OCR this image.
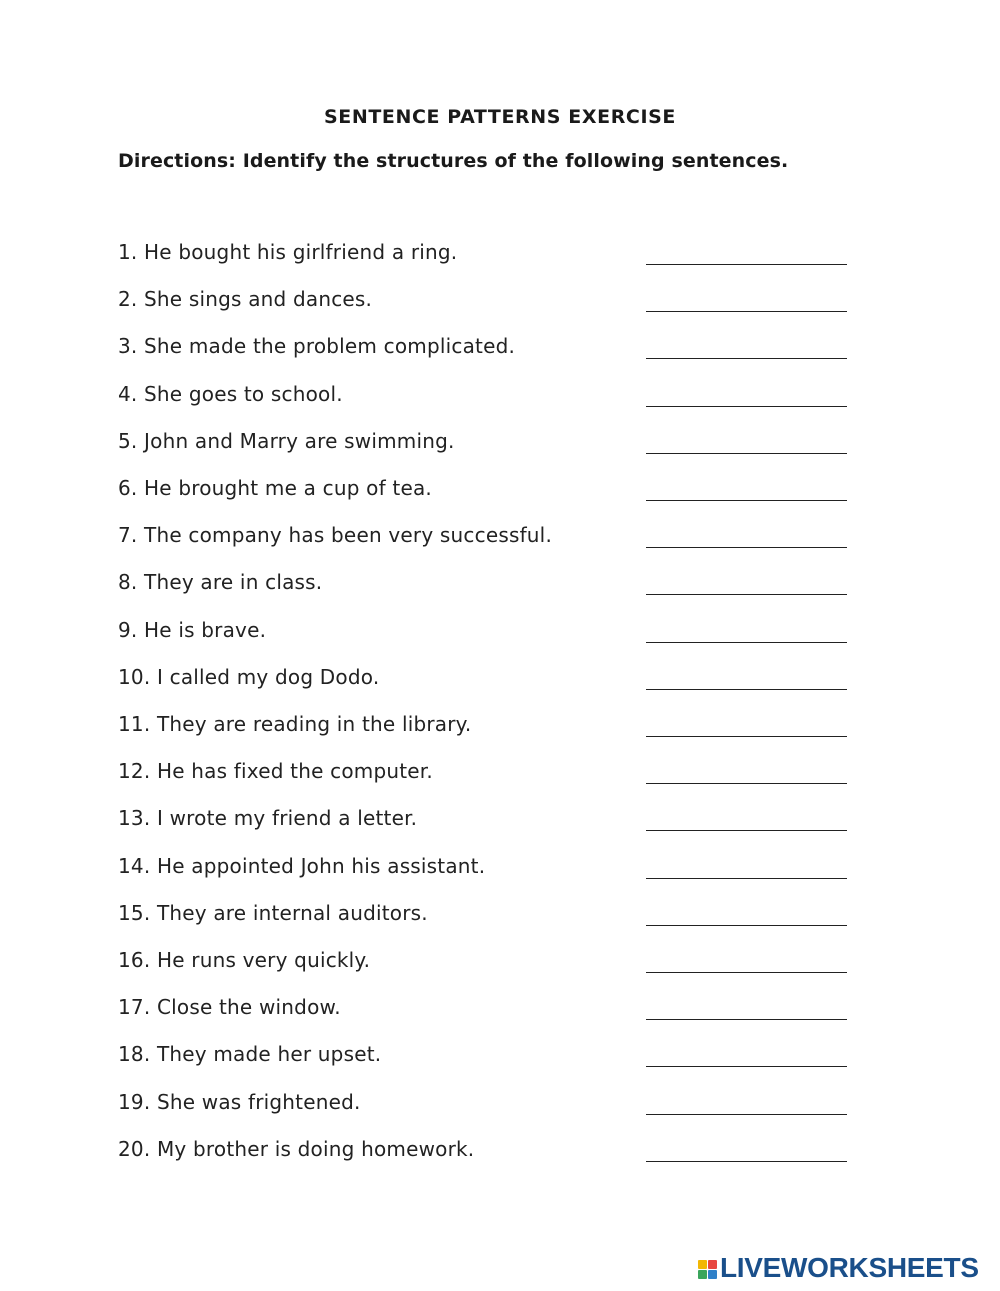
SENTENCE PATTERNS EXERCISE
Directions: Identify the structures of the following sentences.
1. He bought his girlfriend a ring.
2. She sings and dances.
3. She made the problem complicated.
4. She goes to school.
5. John and Marry are swimming.
6. He brought me a cup of tea.
7. The company has been very successful.
8. They are in class.
9. He is brave.
10. I called my dog Dodo.
11. They are reading in the library.
12. He has fixed the computer.
13. I wrote my friend a letter.
14. He appointed John his assistant.
15. They are internal auditors.
16. He runs very quickly.
17. Close the window.
18. They made her upset.
19. She was frightened.
20. My brother is doing homework.
LIVEWORKSHEETS
